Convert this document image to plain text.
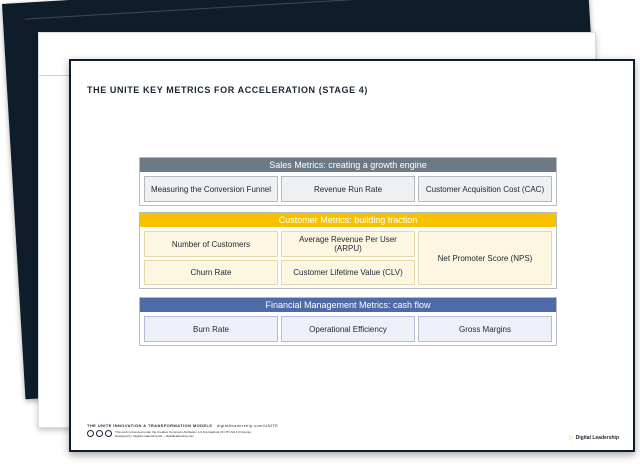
THE UNITE KEY METRICS FOR ACCELERATION (STAGE 4)
Sales Metrics: creating a growth engine
Measuring the Conversion Funnel	Revenue Run Rate	Customer Acquisition Cost (CAC)
Customer Metrics: building traction
Number of Customers	Average Revenue Per User (ARPU)
Churn Rate	Customer Lifetime Value (CLV)
Net Promoter Score (NPS)
Financial Management Metrics: cash flow
Burn Rate	Operational Efficiency	Gross Margins
THE UNITE INNOVATION & TRANSFORMATION MODELS digitalleadership.com/UNITE
This work is licensed under the Creative Commons Attribution 4.0 International (CC BY-SA 4.0) license.
Designed by: Digital Leadership AG – digitalleadership.com	▷ Digital Leadership
